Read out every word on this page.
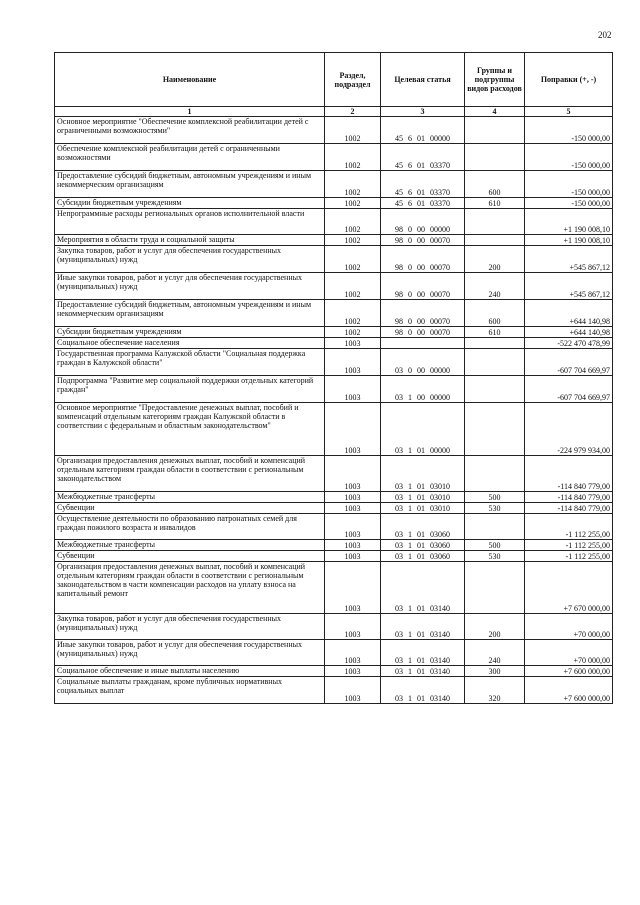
202
Наименование	Раздел, подраздел	Целевая статья	Группы и подгруппы видов расходов	Поправки (+, -)
1	2	3	4	5
Основное мероприятие "Обеспечение комплексной реабилитации детей с ограниченными возможностями"	1002	45 6 01 00000		-150 000,00
Обеспечение комплексной реабилитации детей с ограниченными возможностями	1002	45 6 01 03370		-150 000,00
Предоставление субсидий бюджетным, автономным учреждениям и иным некоммерческим организациям	1002	45 6 01 03370	600	-150 000,00
Субсидии бюджетным учреждениям	1002	45 6 01 03370	610	-150 000,00
Непрограммные расходы региональных органов исполнительной власти	1002	98 0 00 00000		+1 190 008,10
Мероприятия в области труда и социальной защиты	1002	98 0 00 00070		+1 190 008,10
Закупка товаров, работ и услуг для обеспечения государственных (муниципальных) нужд	1002	98 0 00 00070	200	+545 867,12
Иные закупки товаров, работ и услуг для обеспечения государственных (муниципальных) нужд	1002	98 0 00 00070	240	+545 867,12
Предоставление субсидий бюджетным, автономным учреждениям и иным некоммерческим организациям	1002	98 0 00 00070	600	+644 140,98
Субсидии бюджетным учреждениям	1002	98 0 00 00070	610	+644 140,98
Социальное обеспечение населения	1003			-522 470 478,99
Государственная программа Калужской области "Социальная поддержка граждан в Калужской области"	1003	03 0 00 00000		-607 704 669,97
Подпрограмма "Развитие мер социальной поддержки отдельных категорий граждан"	1003	03 1 00 00000		-607 704 669,97
Основное мероприятие "Предоставление денежных выплат, пособий и компенсаций отдельным категориям граждан Калужской области в соответствии с федеральным и областным законодательством"	1003	03 1 01 00000		-224 979 934,00
Организация предоставления денежных выплат, пособий и компенсаций отдельным категориям граждан области в соответствии с региональным законодательством	1003	03 1 01 03010		-114 840 779,00
Межбюджетные трансферты	1003	03 1 01 03010	500	-114 840 779,00
Субвенции	1003	03 1 01 03010	530	-114 840 779,00
Осуществление деятельности по образованию патронатных семей для граждан пожилого возраста и инвалидов	1003	03 1 01 03060		-1 112 255,00
Межбюджетные трансферты	1003	03 1 01 03060	500	-1 112 255,00
Субвенции	1003	03 1 01 03060	530	-1 112 255,00
Организация предоставления денежных выплат, пособий и компенсаций отдельным категориям граждан области в соответствии с региональным законодательством в части компенсации расходов на уплату взноса на капитальный ремонт	1003	03 1 01 03140		+7 670 000,00
Закупка товаров, работ и услуг для обеспечения государственных (муниципальных) нужд	1003	03 1 01 03140	200	+70 000,00
Иные закупки товаров, работ и услуг для обеспечения государственных (муниципальных) нужд	1003	03 1 01 03140	240	+70 000,00
Социальное обеспечение и иные выплаты населению	1003	03 1 01 03140	300	+7 600 000,00
Социальные выплаты гражданам, кроме публичных нормативных социальных выплат	1003	03 1 01 03140	320	+7 600 000,00
